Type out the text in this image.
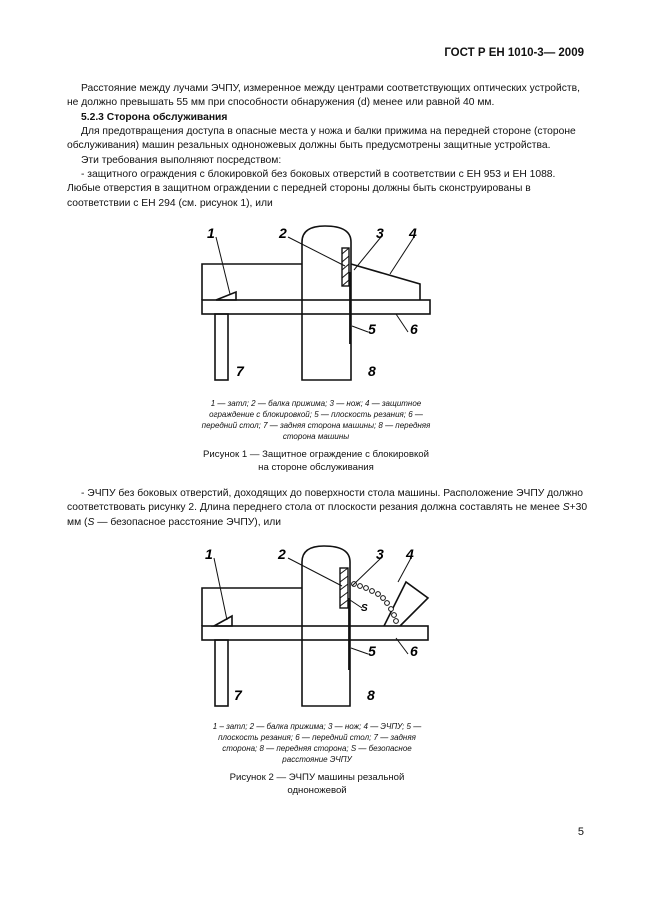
ГОСТ Р ЕН 1010-3— 2009

Расстояние между лучами ЭЧПУ, измеренное между центрами соответствующих оптических устройств, не должно превышать 55 мм при способности обнаружения (d) менее или равной 40 мм.

5.2.3 Сторона обслуживания

Для предотвращения доступа в опасные места у ножа и балки прижима на передней стороне (стороне обслуживания) машин резальных одноножевых должны быть предусмотрены защитные устройства.

Эти требования выполняют посредством:

- защитного ограждения с блокировкой без боковых отверстий в соответствии с ЕН 953 и ЕН 1088. Любые отверстия в защитном ограждении с передней стороны должны быть сконструированы в соответствии с ЕН 294 (см. рисунок 1), или

1	2	3 4
5 6
7	8
1 — затл; 2 — балка прижима; 3 — нож; 4 — защитное ограждение с блокировкой; 5 — плоскость резания; 6 — передний стол; 7 — задняя сторона машины; 8 — передняя сторона машины
Рисунок 1 — Защитное ограждение с блокировкой на стороне обслуживания

- ЭЧПУ без боковых отверстий, доходящих до поверхности стола машины. Расположение ЭЧПУ должно соответствовать рисунку 2. Длина переднего стола от плоскости резания должна составлять не менее S+30 мм (S — безопасное расстояние ЭЧПУ), или

1	2	3 4
S
5 6
7	8
1 – затл; 2 — балка прижима; 3 — нож; 4 — ЭЧПУ; 5 — плоскость резания; 6 — передний стол; 7 — задняя сторона; 8 — передняя сторона; S — безопасное расстояние ЭЧПУ
Рисунок 2 — ЭЧПУ машины резальной одноножевой
5
